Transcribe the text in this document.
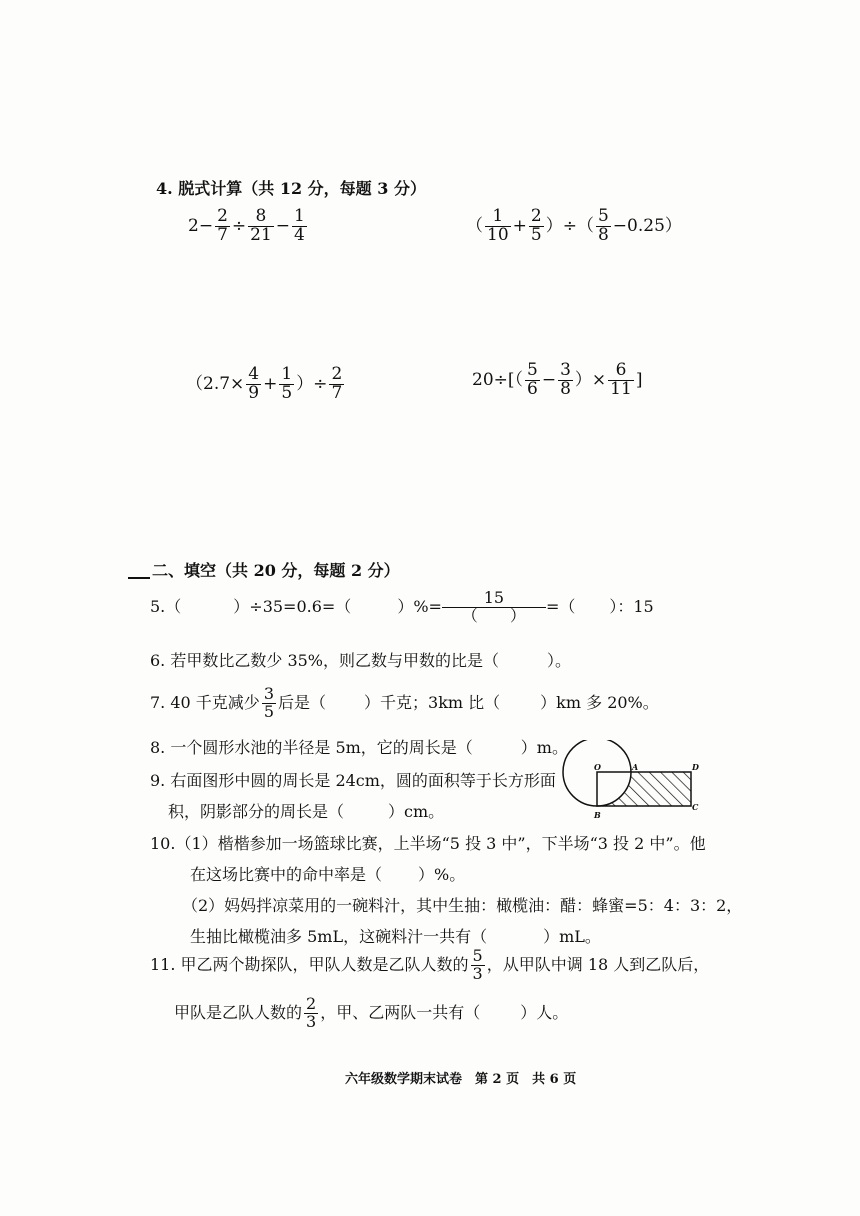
4. 脱式计算（共 12 分，每题 3 分）
$2- \frac{2}{7} \div \frac{8}{21} - \frac{1}{4}$	（ $\frac{1}{10} + \frac{2}{5}$ ）÷（ $\frac{5}{8} -0.25$）
（$2.7\times \frac{4}{9} + \frac{1}{5}$ ）÷ $\frac{2}{7}$	$20\div[( \frac{5}{6} - \frac{3}{8}$ ）× $\frac{6}{11}$ ]
二、填空（共 20 分，每题 2 分）
5.（	）÷35=0.6=（	）%= $\frac{15}{( )}$ =（ ）：15
6. 若甲数比乙数少 35%，则乙数与甲数的比是（	）。
7. 40 千克减少 $\frac{3}{5}$ 后是（ ）千克；3km 比（	）km 多 20%。
8. 一个圆形水池的半径是 5m，它的周长是（	）m。
9. 右面图形中圆的周长是 24cm，圆的面积等于长方形面
积，阴影部分的周长是（	）cm。
O	A	D
C
B
10.（1）楷楷参加一场篮球比赛，上半场“5 投 3 中”，下半场“3 投 2 中”。他
在这场比赛中的命中率是（ ）%。
（2）妈妈拌凉菜用的一碗料汁，其中生抽：橄榄油：醋：蜂蜜=5：4：3：2，
生抽比橄榄油多 5mL，这碗料汁一共有（	）mL。
11. 甲乙两个勘探队，甲队人数是乙队人数的 $\frac{5}{3}$ ，从甲队中调 18 人到乙队后，
甲队是乙队人数的 $\frac{2}{3}$ ，甲、乙两队一共有（	）人。
六年级数学期末试卷　第 2 页　共 6 页
